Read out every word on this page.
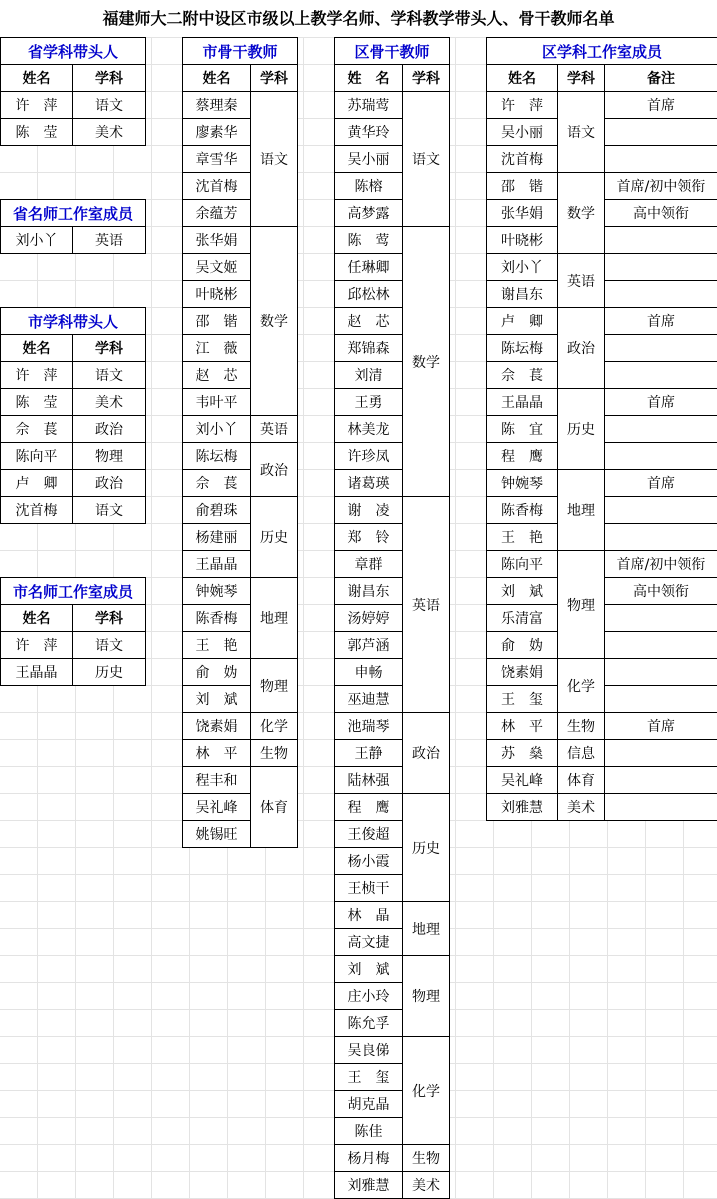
福建师大二附中设区市级以上教学名师、学科教学带头人、骨干教师名单
省学科带头人	
姓名	学科
许　萍	语文
陈　莹	美术
省名师工作室成员
刘小丫	英语
市学科带头人	
姓名	学科
许　萍	语文
陈　莹	美术
佘　萇	政治
陈向平	物理
卢　卿	政治
沈首梅	语文
市名师工作室成员	
姓名	学科
许　萍	语文
王晶晶	历史
市骨干教师	
姓名	学科
蔡理秦	语文
廖素华	
章雪华	
沈首梅	
余蕴芳	
张华娟	数学
吴文姬	
叶晓彬	
邵　锴	
江　薇	
赵　芯	
韦叶平	
刘小丫	英语
陈坛梅	政治
佘　萇	
俞碧珠	历史
杨建丽	
王晶晶	
钟婉琴	地理
陈香梅	
王　艳	
俞　妫	物理
刘　斌	
饶素娟	化学
林　平	生物
程丰和	体育
吴礼峰	
姚锡旺	
区骨干教师	
姓　名	学科
苏瑞莺	语文
黄华玲	
吴小丽	
陈榕	
高梦露	
陈　莺	数学
任琳卿	
邱松林	
赵　芯	
郑锦森	
刘清	
王勇	
林美龙	
许珍凤	
诸葛瑛	
谢　凌	英语
郑　铃	
章群	
谢昌东	
汤婷婷	
郭芦涵	
申畅	
巫迪慧	
池瑞琴	政治
王静	
陆林强	
程　鹰	历史
王俊超	
杨小霞	
王桢干	
林　晶	地理
高文捷	
刘　斌	物理
庄小玲	
陈允孚	
吴良俤	化学
王　玺	
胡克晶	
陈佳	
杨月梅	生物
刘雅慧	美术
区学科工作室成员		
姓名	学科	备注
许　萍	语文	首席
吴小丽		
沈首梅		
邵　锴	数学	首席/初中领衔
张华娟		高中领衔
叶晓彬		
刘小丫	英语	
谢昌东		
卢　卿	政治	首席
陈坛梅		
佘　萇		
王晶晶	历史	首席
陈　宜		
程　鹰		
钟婉琴	地理	首席
陈香梅		
王　艳		
陈向平	物理	首席/初中领衔
刘　斌		高中领衔
乐清富		
俞　妫		
饶素娟	化学	
王　玺		
林　平	生物	首席
苏　燊	信息	
吴礼峰	体育	
刘雅慧	美术	
